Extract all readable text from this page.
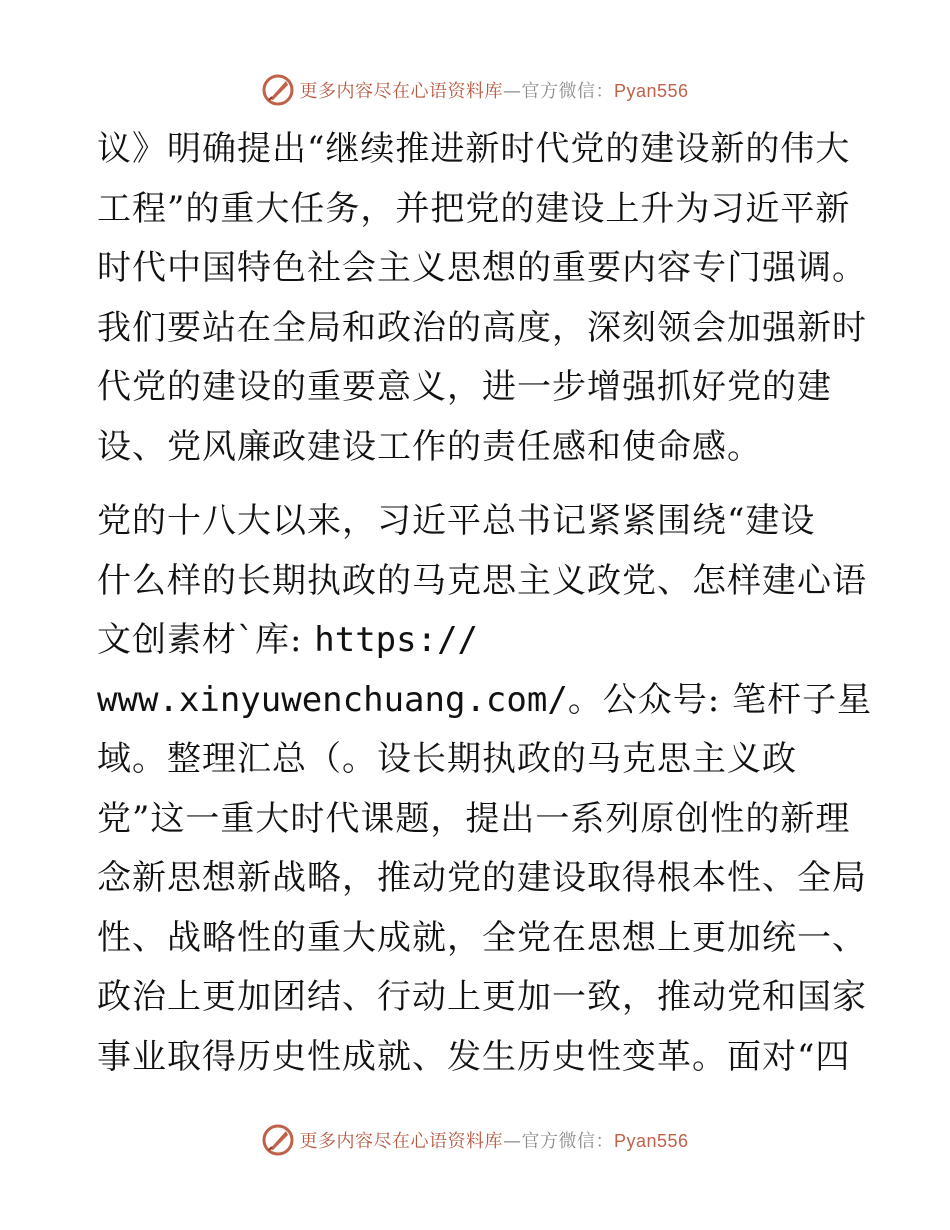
更多内容尽在心语资料库—官方微信：Pyan556
议》明确提出“继续推进新时代党的建设新的伟大
工程”的重大任务，并把党的建设上升为习近平新
时代中国特色社会主义思想的重要内容专门强调。
我们要站在全局和政治的高度，深刻领会加强新时
代党的建设的重要意义，进一步增强抓好党的建
设、党风廉政建设工作的责任感和使命感。
党的十八大以来，习近平总书记紧紧围绕“建设
什么样的长期执政的马克思主义政党、怎样建心语
文创素材`库: https://
www.xinyuwenchuang.com/。公众号: 笔杆子星
域。整理汇总（。设长期执政的马克思主义政
党”这一重大时代课题，提出一系列原创性的新理
念新思想新战略，推动党的建设取得根本性、全局
性、战略性的重大成就，全党在思想上更加统一、
政治上更加团结、行动上更加一致，推动党和国家
事业取得历史性成就、发生历史性变革。面对“四
更多内容尽在心语资料库—官方微信：Pyan556
